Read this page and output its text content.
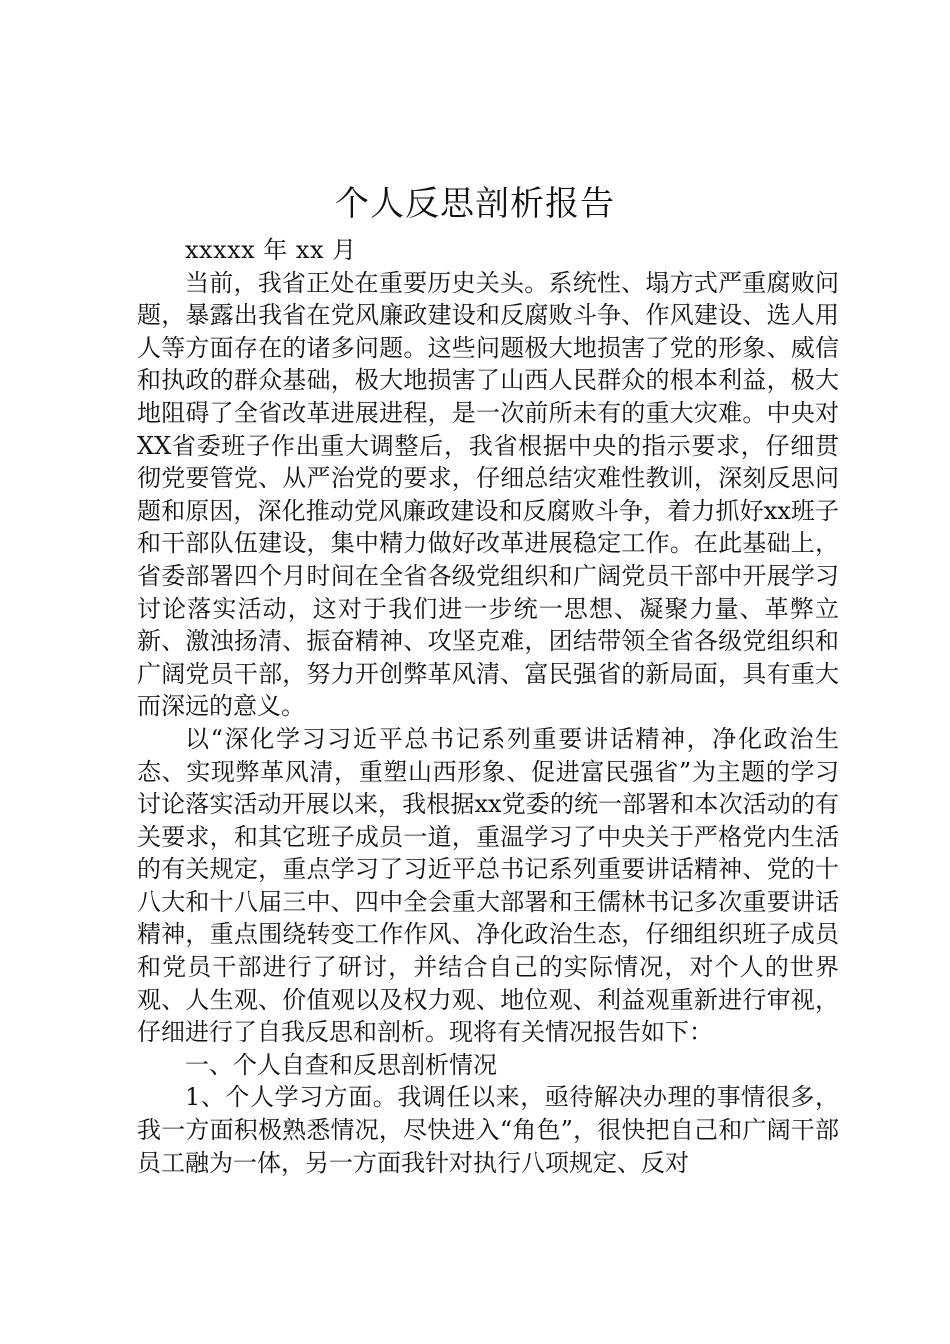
个人反思剖析报告

xxxxx 年 xx 月

当前，我省正处在重要历史关头。系统性、塌方式严重腐败问题，暴露出我省在党风廉政建设和反腐败斗争、作风建设、选人用人等方面存在的诸多问题。这些问题极大地损害了党的形象、威信和执政的群众基础，极大地损害了山西人民群众的根本利益，极大地阻碍了全省改革进展进程，是一次前所未有的重大灾难。中央对XX省委班子作出重大调整后，我省根据中央的指示要求，仔细贯彻党要管党、从严治党的要求，仔细总结灾难性教训，深刻反思问题和原因，深化推动党风廉政建设和反腐败斗争，着力抓好xx班子和干部队伍建设，集中精力做好改革进展稳定工作。在此基础上，省委部署四个月时间在全省各级党组织和广阔党员干部中开展学习讨论落实活动，这对于我们进一步统一思想、凝聚力量、革弊立新、激浊扬清、振奋精神、攻坚克难，团结带领全省各级党组织和广阔党员干部，努力开创弊革风清、富民强省的新局面，具有重大而深远的意义。

以“深化学习习近平总书记系列重要讲话精神，净化政治生态、实现弊革风清，重塑山西形象、促进富民强省”为主题的学习讨论落实活动开展以来，我根据xx党委的统一部署和本次活动的有关要求，和其它班子成员一道，重温学习了中央关于严格党内生活的有关规定，重点学习了习近平总书记系列重要讲话精神、党的十八大和十八届三中、四中全会重大部署和王儒林书记多次重要讲话精神，重点围绕转变工作作风、净化政治生态，仔细组织班子成员和党员干部进行了研讨，并结合自己的实际情况，对个人的世界观、人生观、价值观以及权力观、地位观、利益观重新进行审视，仔细进行了自我反思和剖析。现将有关情况报告如下：

一、个人自查和反思剖析情况

1、个人学习方面。我调任以来，亟待解决办理的事情很多，我一方面积极熟悉情况，尽快进入“角色”，很快把自己和广阔干部员工融为一体，另一方面我针对执行八项规定、反对
